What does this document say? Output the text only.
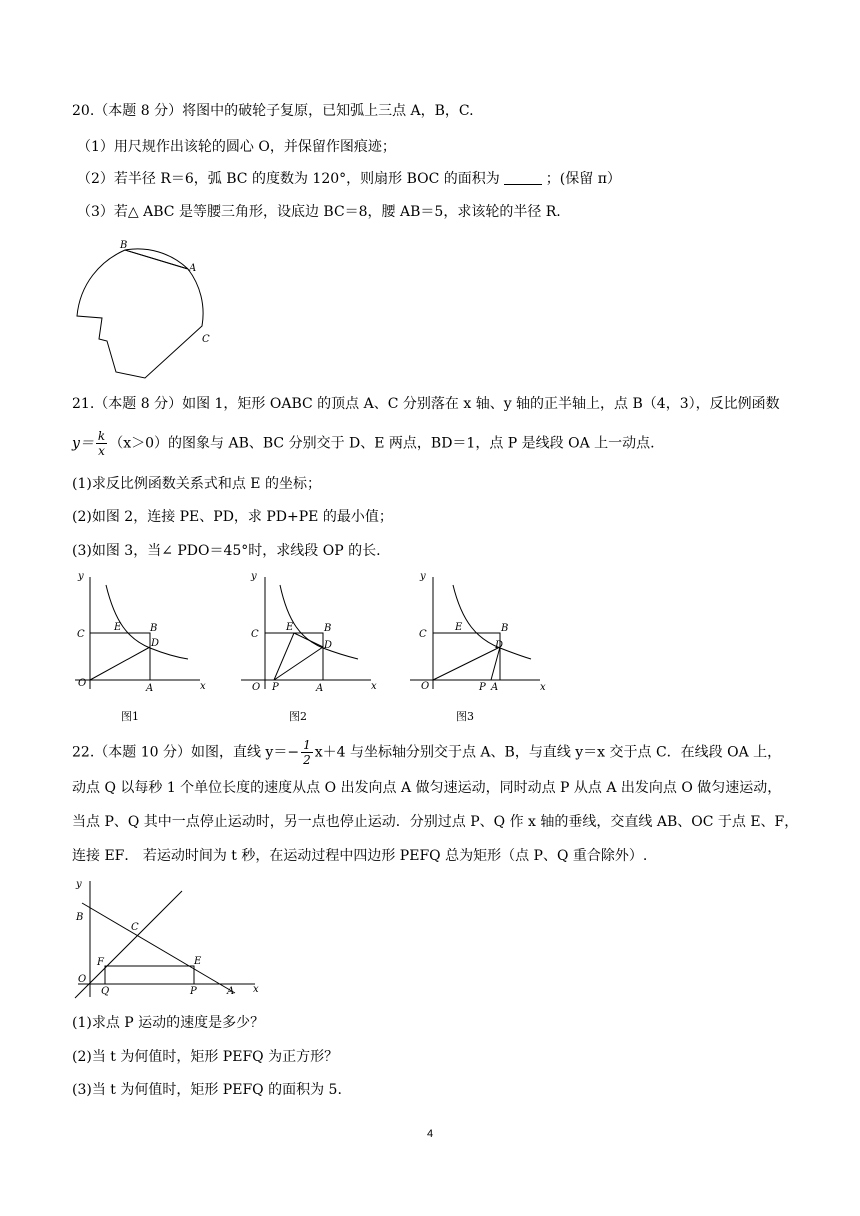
20.（本题 8 分）将图中的破轮子复原，已知弧上三点 A，B，C.
（1）用尺规作出该轮的圆心 O，并保留作图痕迹；
（2）若半径 R＝6，弧 BC 的度数为 120°，则扇形 BOC 的面积为	；(保留 π）
（3）若△ ABC 是等腰三角形，设底边 BC＝8，腰 AB＝5，求该轮的半径 R.
B
A
C
21.（本题 8 分）如图 1，矩形 OABC 的顶点 A、C 分别落在 x 轴、y 轴的正半轴上，点 B（4，3），反比例函数
$y= \frac{k}{x} (x>0)$的图象与 AB、BC 分别交于 D、E 两点，BD＝1，点 P 是线段 OA 上一动点.
(1)求反比例函数关系式和点 E 的坐标；
(2)如图 2，连接 PE、PD，求 PD+PE 的最小值；
(3)如图 3，当∠ PDO＝45°时，求线段 OP 的长.
y
x
C
E	B
D
O	A
图1
y
x
C
E	B
D
O P	A
图2
y
x
C
E	B
D
O	P A
图3
22.（本题 10 分）如图，直线 $y=- \frac{1}{2} x+4$ 与坐标轴分别交于点 A、B，与直线 y＝x 交于点 C．在线段 OA 上，
动点 Q 以每秒 1 个单位长度的速度从点 O 出发向点 A 做匀速运动，同时动点 P 从点 A 出发向点 O 做匀速运动，
当点 P、Q 其中一点停止运动时，另一点也停止运动．分别过点 P、Q 作 x 轴的垂线，交直线 AB、OC 于点 E、F，
连接 EF． 若运动时间为 t 秒，在运动过程中四边形 PEFQ 总为矩形（点 P、Q 重合除外）.
y
x
B
C
O
F	E
Q	P	A
(1)求点 P 运动的速度是多少？
(2)当 t 为何值时，矩形 PEFQ 为正方形？
(3)当 t 为何值时，矩形 PEFQ 的面积为 5.
4
